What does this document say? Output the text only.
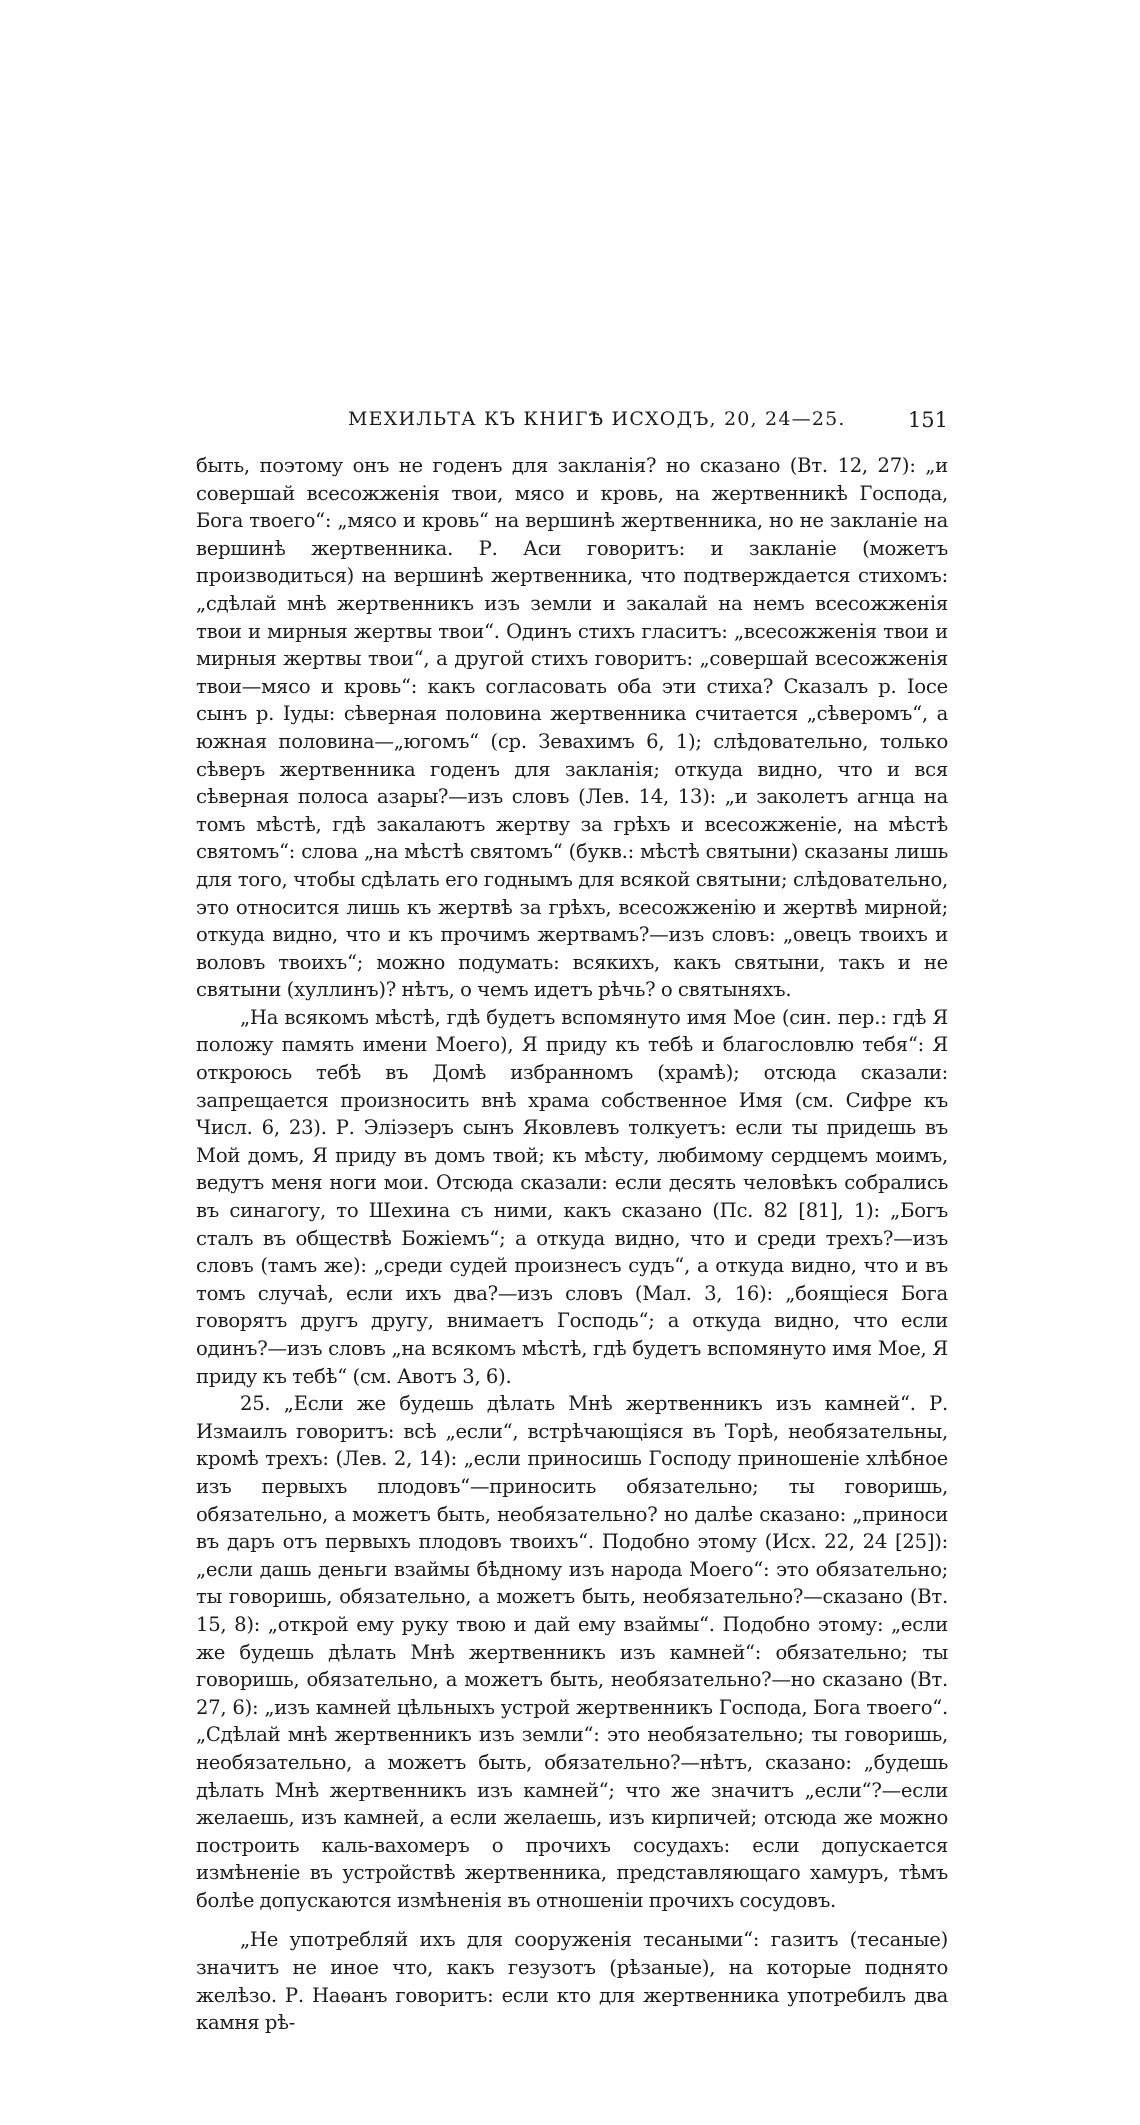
МЕХИЛЬТА КЪ КНИГѢ ИСХОДЪ, 20, 24—25.	151

быть, поэтому онъ не годенъ для закланія? но сказано (Вт. 12, 27): „и совершай всесожженія твои, мясо и кровь, на жертвенникѣ Господа, Бога твоего“: „мясо и кровь“ на вершинѣ жертвенника, но не закланіе на вершинѣ жертвенника. Р. Аси говоритъ: и закланіе (можетъ производиться) на вершинѣ жертвенника, что подтверждается стихомъ: „сдѣлай мнѣ жертвенникъ изъ земли и закалай на немъ всесожженія твои и мирныя жертвы твои“. Одинъ стихъ гласитъ: „всесожженія твои и мирныя жертвы твои“, а другой стихъ говоритъ: „совершай всесожженія твои—мясо и кровь“: какъ согласовать оба эти стиха? Сказалъ р. Іосе сынъ р. Іуды: сѣверная половина жертвенника считается „сѣверомъ“, а южная половина—„югомъ“ (ср. Зевахимъ 6, 1); слѣдовательно, только сѣверъ жертвенника годенъ для закланія; откуда видно, что и вся сѣверная полоса азары?—изъ словъ (Лев. 14, 13): „и заколетъ агнца на томъ мѣстѣ, гдѣ закалаютъ жертву за грѣхъ и всесожженіе, на мѣстѣ святомъ“: слова „на мѣстѣ святомъ“ (букв.: мѣстѣ святыни) сказаны лишь для того, чтобы сдѣлать его годнымъ для всякой святыни; слѣдовательно, это относится лишь къ жертвѣ за грѣхъ, всесожженію и жертвѣ мирной; откуда видно, что и къ прочимъ жертвамъ?—изъ словъ: „овецъ твоихъ и воловъ твоихъ“; можно подумать: всякихъ, какъ святыни, такъ и не святыни (хуллинъ)? нѣтъ, о чемъ идетъ рѣчь? о святыняхъ.

„На всякомъ мѣстѣ, гдѣ будетъ вспомянуто имя Мое (син. пер.: гдѣ Я положу память имени Моего), Я приду къ тебѣ и благословлю тебя“: Я откроюсь тебѣ въ Домѣ избранномъ (храмѣ); отсюда сказали: запрещается произносить внѣ храма собственное Имя (см. Сифре къ Числ. 6, 23). Р. Элiэзеръ сынъ Яковлевъ толкуетъ: если ты придешь въ Мой домъ, Я приду въ домъ твой; къ мѣсту, любимому сердцемъ моимъ, ведутъ меня ноги мои. Отсюда сказали: если десять человѣкъ собрались въ синагогу, то Шехина съ ними, какъ сказано (Пс. 82 [81], 1): „Богъ сталъ въ обществѣ Божіемъ“; а откуда видно, что и среди трехъ?—изъ словъ (тамъ же): „среди судей произнесъ судъ“, а откуда видно, что и въ томъ случаѣ, если ихъ два?—изъ словъ (Мал. 3, 16): „боящіеся Бога говорятъ другъ другу, внимаетъ Господь“; а откуда видно, что если одинъ?—изъ словъ „на всякомъ мѣстѣ, гдѣ будетъ вспомянуто имя Мое, Я приду къ тебѣ“ (см. Авотъ 3, 6).

25. „Если же будешь дѣлать Мнѣ жертвенникъ изъ камней“. Р. Измаилъ говоритъ: всѣ „если“, встрѣчающіяся въ Торѣ, необязательны, кромѣ трехъ: (Лев. 2, 14): „если приносишь Господу приношеніе хлѣбное изъ первыхъ плодовъ“—приносить обязательно; ты говоришь, обязательно, а можетъ быть, необязательно? но далѣе сказано: „приноси въ даръ отъ первыхъ плодовъ твоихъ“. Подобно этому (Исх. 22, 24 [25]): „если дашь деньги взаймы бѣдному изъ народа Моего“: это обязательно; ты говоришь, обязательно, а можетъ быть, необязательно?—сказано (Вт. 15, 8): „открой ему руку твою и дай ему взаймы“. Подобно этому: „если же будешь дѣлать Мнѣ жертвенникъ изъ камней“: обязательно; ты говоришь, обязательно, а можетъ быть, необязательно?—но сказано (Вт. 27, 6): „изъ камней цѣльныхъ устрой жертвенникъ Господа, Бога твоего“. „Сдѣлай мнѣ жертвенникъ изъ земли“: это необязательно; ты говоришь, необязательно, а можетъ быть, обязательно?—нѣтъ, сказано: „будешь дѣлать Мнѣ жертвенникъ изъ камней“; что же значитъ „если“?—если желаешь, изъ камней, а если желаешь, изъ кирпичей; отсюда же можно построить каль-вахомеръ о прочихъ сосудахъ: если допускается измѣненіе въ устройствѣ жертвенника, представляющаго хамуръ, тѣмъ болѣе допускаются измѣненія въ отношеніи прочихъ сосудовъ.

„Не употребляй ихъ для сооруженія тесаными“: газитъ (тесаные) значитъ не иное что, какъ гезузотъ (рѣзаные), на которые поднято желѣзо. Р. Наѳанъ говоритъ: если кто для жертвенника употребилъ два камня рѣ-
